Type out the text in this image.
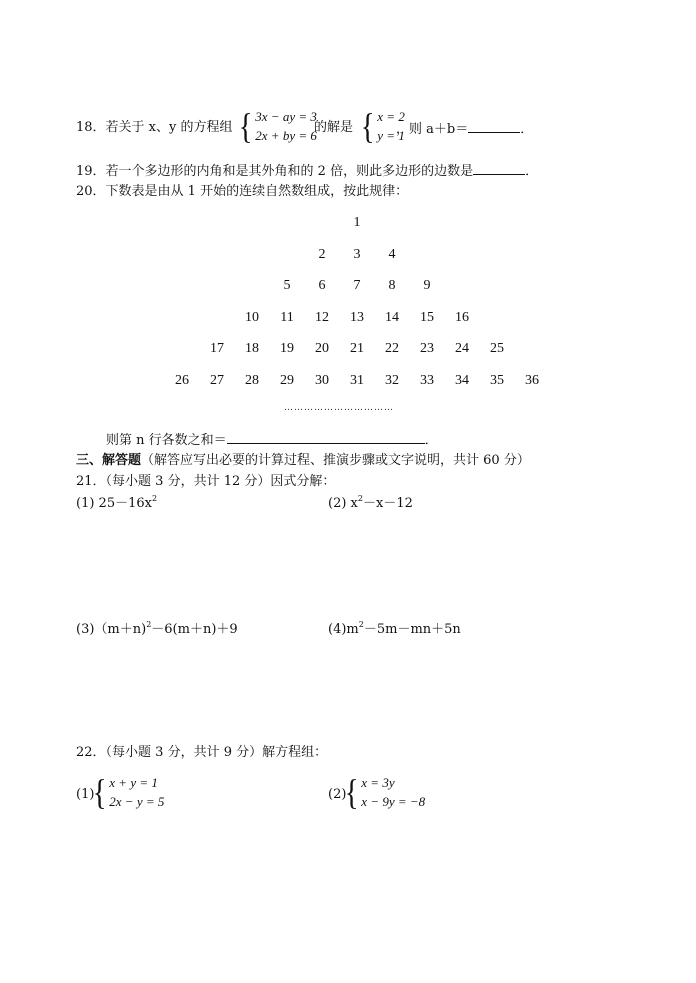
18．若关于 x、y 的方程组 { 3x − ay = 3
2x + by = 6
的解是 { x = 2
y = 1
，则 a＋b＝	．
19．若一个多边形的内角和是其外角和的 2 倍，则此多边形的边数是	．
20．下数表是由从 1 开始的连续自然数组成，按此规律：
1
2	3	4
5	6	7	8	9
10	11	12	13	14	15	16
17	18	19	20	21	22	23	24	25
26	27	28	29	30	31	32	33	34	35	36
……………………………
则第 n 行各数之和＝	．
三、解答题（解答应写出必要的计算过程、推演步骤或文字说明，共计 60 分）
21．（每小题 3 分，共计 12 分）因式分解：
(1) $25-16x^2$	(2) $x^2-x-12$
(3)（m＋n)$^2$－6(m＋n)＋9	$(4)m^2-5m-mn+5n$
22．（每小题 3 分，共计 9 分）解方程组：
(1)
{ x + y = 1
2x − y = 5	(2)
{ x = 3y
x − 9y = −8
